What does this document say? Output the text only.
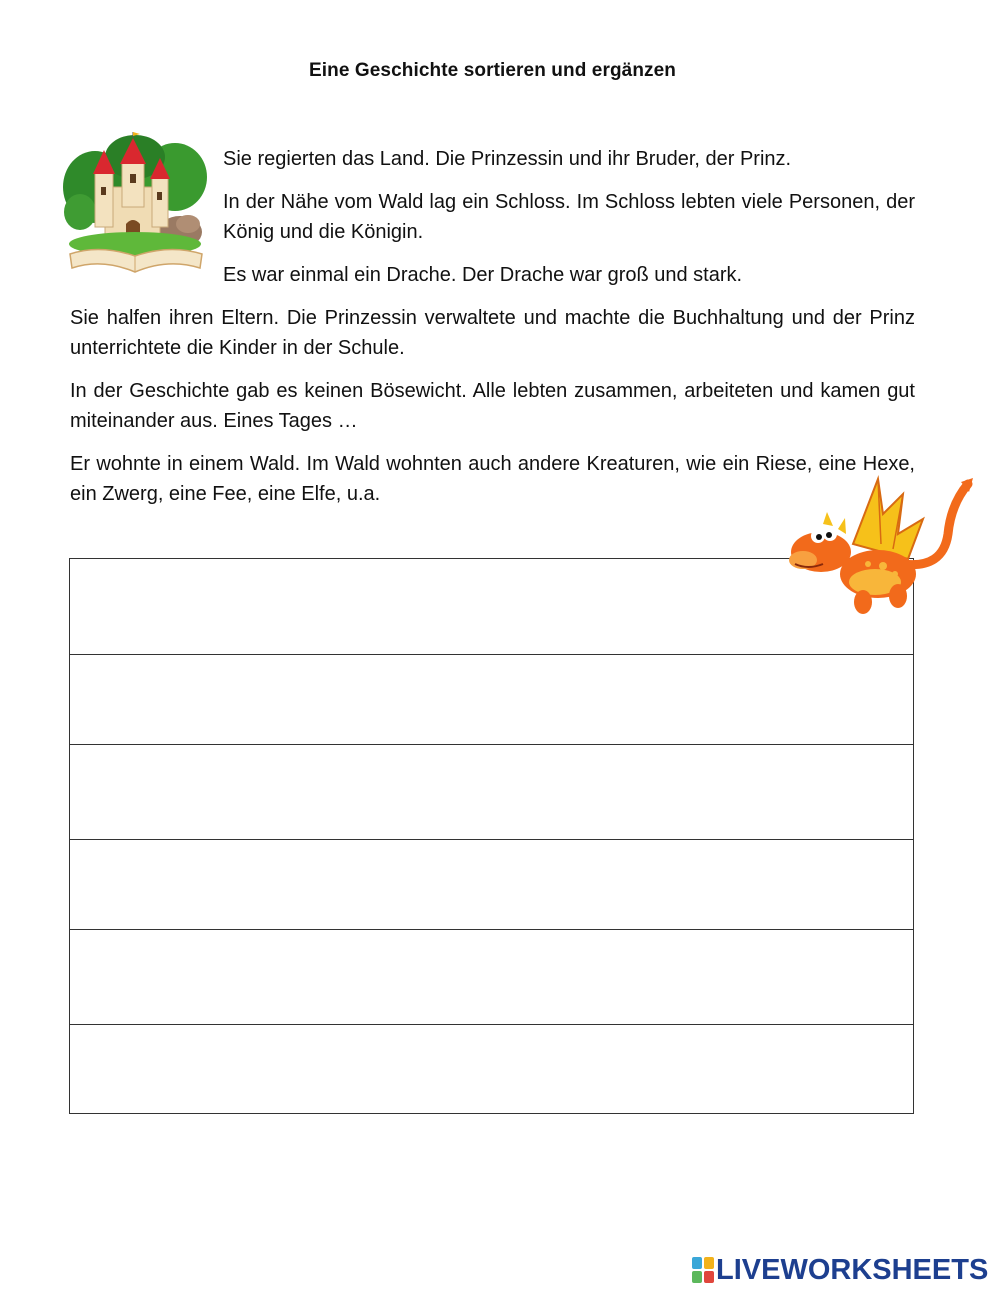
Eine Geschichte sortieren und ergänzen

Sie regierten das Land. Die Prinzessin und ihr Bruder, der Prinz.

In der Nähe vom Wald lag ein Schloss. Im Schloss lebten viele Personen, der König und die Königin.

Es war einmal ein Drache. Der Drache war groß und stark.

Sie halfen ihren Eltern. Die Prinzessin verwaltete und machte die Buchhaltung und der Prinz unterrichtete die Kinder in der Schule.

In der Geschichte gab es keinen Bösewicht. Alle lebten zusammen, arbeiteten und kamen gut miteinander aus. Eines Tages …

Er wohnte in einem Wald. Im Wald wohnten auch andere Kreaturen, wie ein Riese, eine Hexe, ein Zwerg, eine Fee, eine Elfe, u.a.

LIVEWORKSHEETS
